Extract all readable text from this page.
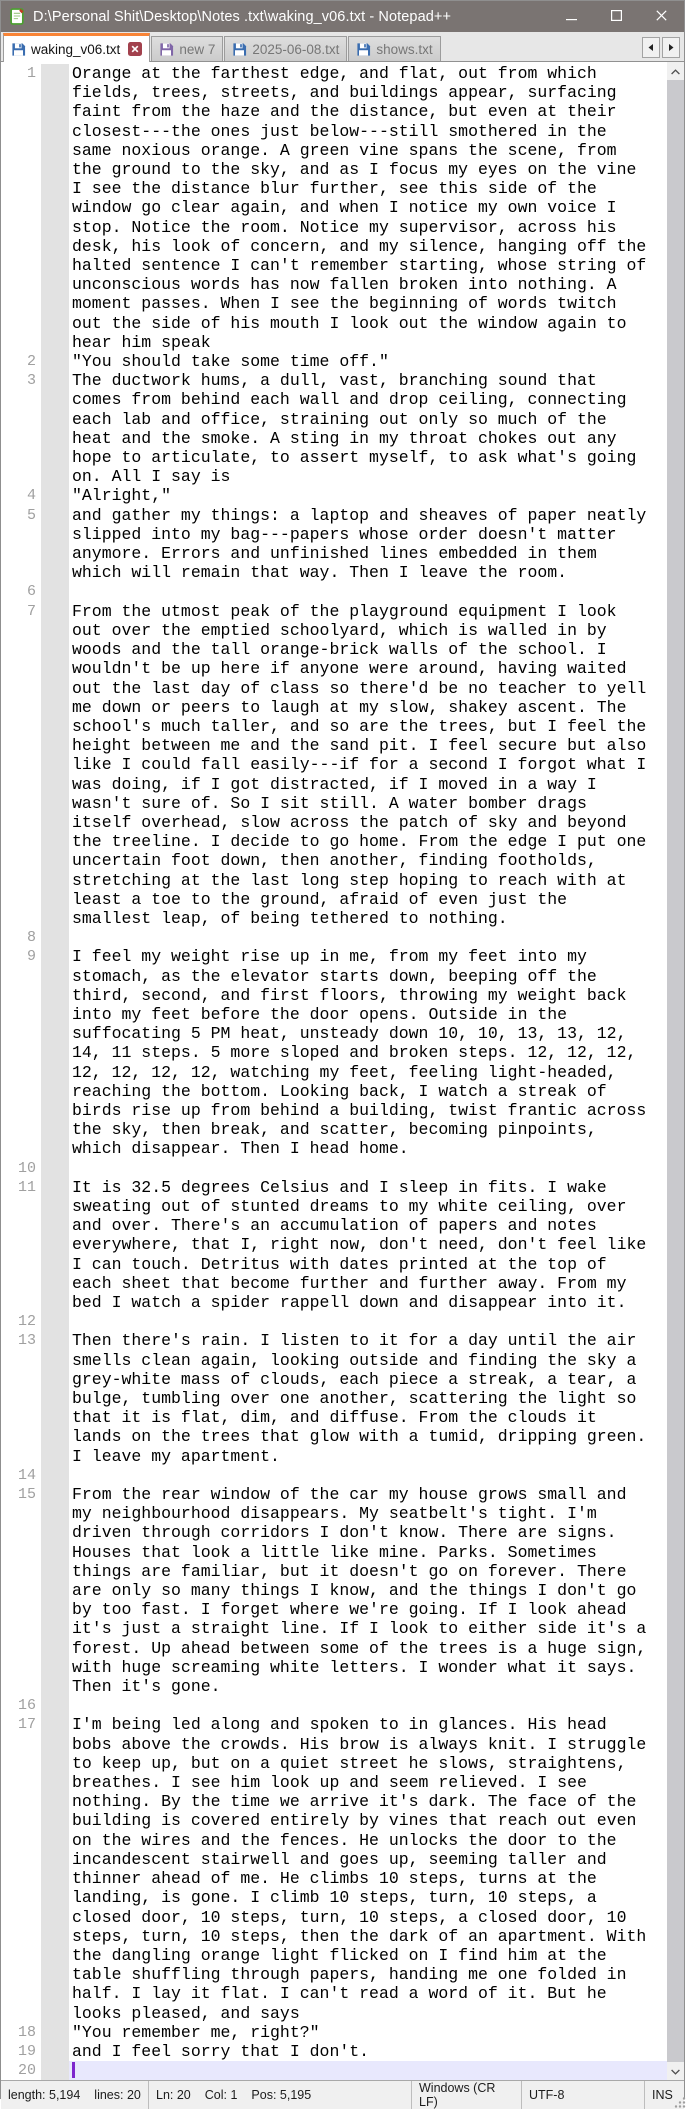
D:\Personal Shit\Desktop\Notes .txt\waking_v06.txt - Notepad++
waking_v06.txt	new 7	2025-06-08.txt	shows.txt
1	Orange at the farthest edge, and flat, out from which fields, trees, streets, and buildings appear, surfacing faint from the haze and the distance, but even at their closest---the ones just below---still smothered in the same noxious orange. A green vine spans the scene, from the ground to the sky, and as I focus my eyes on the vine I see the distance blur further, see this side of the window go clear again, and when I notice my own voice I stop. Notice the room. Notice my supervisor, across his desk, his look of concern, and my silence, hanging off the halted sentence I can't remember starting, whose string of unconscious words has now fallen broken into nothing. A moment passes. When I see the beginning of words twitch out the side of his mouth I look out the window again to hear him speak
2	"You should take some time off."
3	The ductwork hums, a dull, vast, branching sound that comes from behind each wall and drop ceiling, connecting each lab and office, straining out only so much of the heat and the smoke. A sting in my throat chokes out any hope to articulate, to assert myself, to ask what's going on. All I say is
4	"Alright,"
5	and gather my things: a laptop and sheaves of paper neatly slipped into my bag---papers whose order doesn't matter anymore. Errors and unfinished lines embedded in them which will remain that way. Then I leave the room.
6
7	From the utmost peak of the playground equipment I look out over the emptied schoolyard, which is walled in by woods and the tall orange-brick walls of the school. I wouldn't be up here if anyone were around, having waited out the last day of class so there'd be no teacher to yell me down or peers to laugh at my slow, shakey ascent. The school's much taller, and so are the trees, but I feel the height between me and the sand pit. I feel secure but also like I could fall easily---if for a second I forgot what I was doing, if I got distracted, if I moved in a way I wasn't sure of. So I sit still. A water bomber drags itself overhead, slow across the patch of sky and beyond the treeline. I decide to go home. From the edge I put one uncertain foot down, then another, finding footholds, stretching at the last long step hoping to reach with at least a toe to the ground, afraid of even just the smallest leap, of being tethered to nothing.
8
9	I feel my weight rise up in me, from my feet into my stomach, as the elevator starts down, beeping off the third, second, and first floors, throwing my weight back into my feet before the door opens. Outside in the suffocating 5 PM heat, unsteady down 10, 10, 13, 13, 12, 14, 11 steps. 5 more sloped and broken steps. 12, 12, 12, 12, 12, 12, 12, watching my feet, feeling light-headed, reaching the bottom. Looking back, I watch a streak of birds rise up from behind a building, twist frantic across the sky, then break, and scatter, becoming pinpoints, which disappear. Then I head home.
10
11	It is 32.5 degrees Celsius and I sleep in fits. I wake sweating out of stunted dreams to my white ceiling, over and over. There's an accumulation of papers and notes everywhere, that I, right now, don't need, don't feel like I can touch. Detritus with dates printed at the top of each sheet that become further and further away. From my bed I watch a spider rappell down and disappear into it.
12
13	Then there's rain. I listen to it for a day until the air smells clean again, looking outside and finding the sky a grey-white mass of clouds, each piece a streak, a tear, a bulge, tumbling over one another, scattering the light so that it is flat, dim, and diffuse. From the clouds it lands on the trees that glow with a tumid, dripping green. I leave my apartment.
14
15	From the rear window of the car my house grows small and my neighbourhood disappears. My seatbelt's tight. I'm driven through corridors I don't know. There are signs. Houses that look a little like mine. Parks. Sometimes things are familiar, but it doesn't go on forever. There are only so many things I know, and the things I don't go by too fast. I forget where we're going. If I look ahead it's just a straight line. If I look to either side it's a forest. Up ahead between some of the trees is a huge sign, with huge screaming white letters. I wonder what it says. Then it's gone.
16
17	I'm being led along and spoken to in glances. His head bobs above the crowds. His brow is always knit. I struggle to keep up, but on a quiet street he slows, straightens, breathes. I see him look up and seem relieved. I see nothing. By the time we arrive it's dark. The face of the building is covered entirely by vines that reach out even on the wires and the fences. He unlocks the door to the incandescent stairwell and goes up, seeming taller and thinner ahead of me. He climbs 10 steps, turns at the landing, is gone. I climb 10 steps, turn, 10 steps, a closed door, 10 steps, turn, 10 steps, a closed door, 10 steps, turn, 10 steps, then the dark of an apartment. With the dangling orange light flicked on I find him at the table shuffling through papers, handing me one folded in half. I lay it flat. I can't read a word of it. But he looks pleased, and says
18	"You remember me, right?"
19	and I feel sorry that I don't.
20
length: 5,194 lines: 20 Ln: 20 Col: 1 Pos: 5,195	Windows (CR LF)	UTF-8	INS
